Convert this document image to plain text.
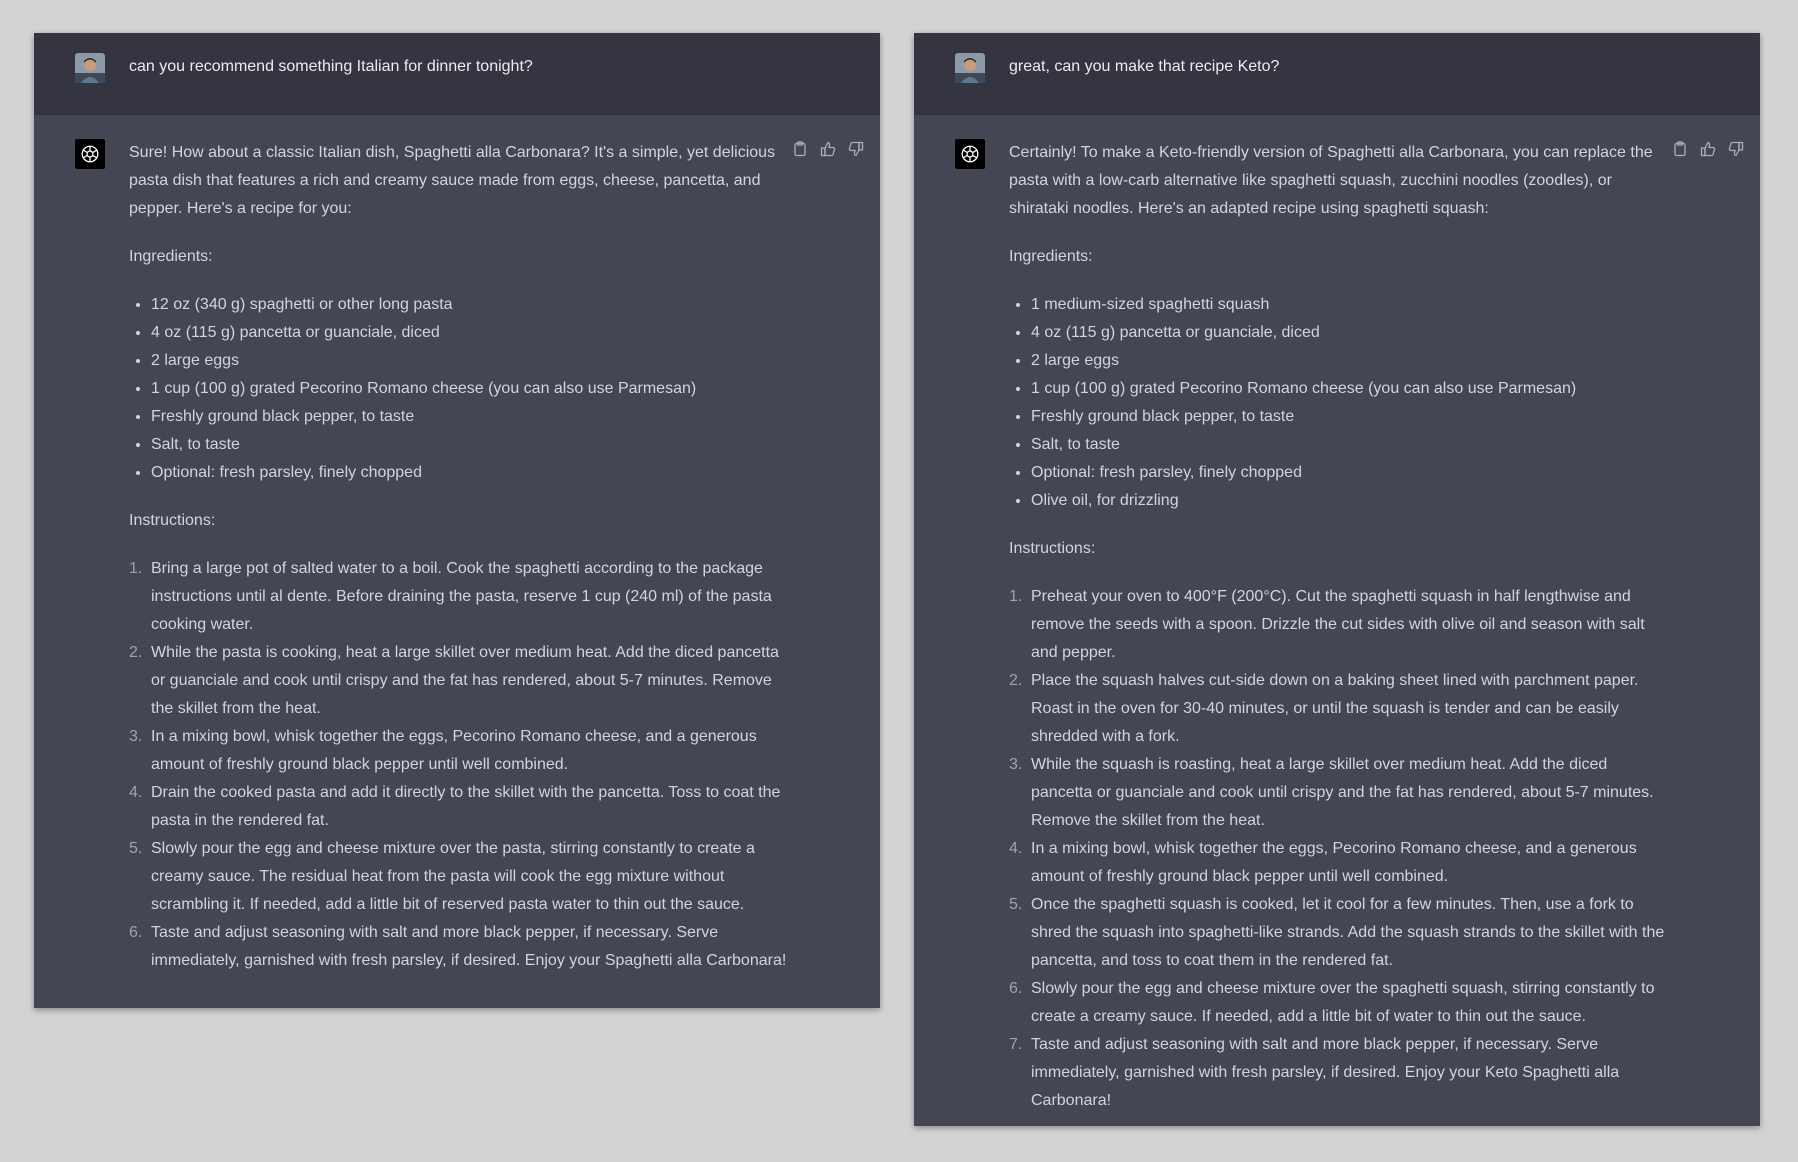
can you recommend something Italian for dinner tonight?

Sure! How about a classic Italian dish, Spaghetti alla Carbonara? It's a simple, yet delicious pasta dish that features a rich and creamy sauce made from eggs, cheese, pancetta, and pepper. Here's a recipe for you:

Ingredients:

12 oz (340 g) spaghetti or other long pasta
4 oz (115 g) pancetta or guanciale, diced
2 large eggs
1 cup (100 g) grated Pecorino Romano cheese (you can also use Parmesan)
Freshly ground black pepper, to taste
Salt, to taste
Optional: fresh parsley, finely chopped

Instructions:

1. Bring a large pot of salted water to a boil. Cook the spaghetti according to the package instructions until al dente. Before draining the pasta, reserve 1 cup (240 ml) of the pasta cooking water.
2. While the pasta is cooking, heat a large skillet over medium heat. Add the diced pancetta or guanciale and cook until crispy and the fat has rendered, about 5-7 minutes. Remove the skillet from the heat.
3. In a mixing bowl, whisk together the eggs, Pecorino Romano cheese, and a generous amount of freshly ground black pepper until well combined.
4. Drain the cooked pasta and add it directly to the skillet with the pancetta. Toss to coat the pasta in the rendered fat.
5. Slowly pour the egg and cheese mixture over the pasta, stirring constantly to create a creamy sauce. The residual heat from the pasta will cook the egg mixture without scrambling it. If needed, add a little bit of reserved pasta water to thin out the sauce.
6. Taste and adjust seasoning with salt and more black pepper, if necessary. Serve immediately, garnished with fresh parsley, if desired. Enjoy your Spaghetti alla Carbonara!
great, can you make that recipe Keto?

Certainly! To make a Keto-friendly version of Spaghetti alla Carbonara, you can replace the pasta with a low-carb alternative like spaghetti squash, zucchini noodles (zoodles), or shirataki noodles. Here's an adapted recipe using spaghetti squash:

Ingredients:

1 medium-sized spaghetti squash
4 oz (115 g) pancetta or guanciale, diced
2 large eggs
1 cup (100 g) grated Pecorino Romano cheese (you can also use Parmesan)
Freshly ground black pepper, to taste
Salt, to taste
Optional: fresh parsley, finely chopped
Olive oil, for drizzling

Instructions:

1. Preheat your oven to 400°F (200°C). Cut the spaghetti squash in half lengthwise and remove the seeds with a spoon. Drizzle the cut sides with olive oil and season with salt and pepper.
2. Place the squash halves cut-side down on a baking sheet lined with parchment paper. Roast in the oven for 30-40 minutes, or until the squash is tender and can be easily shredded with a fork.
3. While the squash is roasting, heat a large skillet over medium heat. Add the diced pancetta or guanciale and cook until crispy and the fat has rendered, about 5-7 minutes. Remove the skillet from the heat.
4. In a mixing bowl, whisk together the eggs, Pecorino Romano cheese, and a generous amount of freshly ground black pepper until well combined.
5. Once the spaghetti squash is cooked, let it cool for a few minutes. Then, use a fork to shred the squash into spaghetti-like strands. Add the squash strands to the skillet with the pancetta, and toss to coat them in the rendered fat.
6. Slowly pour the egg and cheese mixture over the spaghetti squash, stirring constantly to create a creamy sauce. If needed, add a little bit of water to thin out the sauce.
7. Taste and adjust seasoning with salt and more black pepper, if necessary. Serve immediately, garnished with fresh parsley, if desired. Enjoy your Keto Spaghetti alla Carbonara!
